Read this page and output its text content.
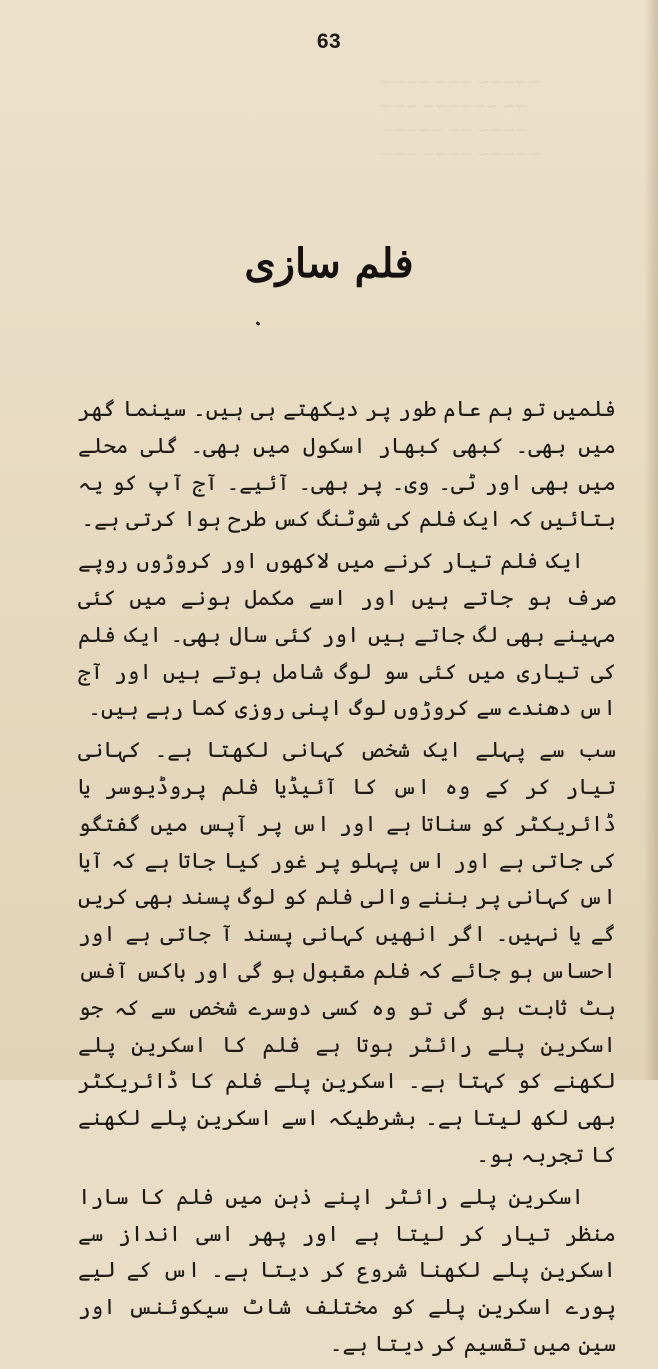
~~~~ ~~~ ~~~~~
~~~ ~~~~~~ ~~
~~~~~ ~~ ~~~~
~~~ ~~~~ ~~~~~
63
فلم سازی

فلمیں تو ہم عام طور پر دیکھتے ہی ہیں۔ سینما گھر میں بھی۔ کبھی کبھار اسکول میں بھی۔ گلی محلے میں بھی اور ٹی۔ وی۔ پر بھی۔ آئیے۔ آج آپ کو یہ بتائیں کہ ایک فلم کی شوٹنگ کس طرح ہوا کرتی ہے۔

ایک فلم تیار کرنے میں لاکھوں اور کروڑوں روپے صرف ہو جاتے ہیں اور اسے مکمل ہونے میں کئی مہینے بھی لگ جاتے ہیں اور کئی سال بھی۔ ایک فلم کی تیاری میں کئی سو لوگ شامل ہوتے ہیں اور آج اس دھندے سے کروڑوں لوگ اپنی روزی کما رہے ہیں۔

سب سے پہلے ایک شخص کہانی لکھتا ہے۔ کہانی تیار کر کے وہ اس کا آئیڈیا فلم پروڈیوسر یا ڈائریکٹر کو سناتا ہے اور اس پر آپس میں گفتگو کی جاتی ہے اور اس پہلو پر غور کیا جاتا ہے کہ آیا اس کہانی پر بننے والی فلم کو لوگ پسند بھی کریں گے یا نہیں۔ اگر انھیں کہانی پسند آ جاتی ہے اور احساس ہو جائے کہ فلم مقبول ہو گی اور باکس آفس ہٹ ثابت ہو گی تو وہ کسی دوسرے شخص سے کہ جو اسکرین پلے رائٹر ہوتا ہے فلم کا اسکرین پلے لکھنے کو کہتا ہے۔ اسکرین پلے فلم کا ڈائریکٹر بھی لکھ لیتا ہے۔ بشرطیکہ اسے اسکرین پلے لکھنے کا تجربہ ہو۔

اسکرین پلے رائٹر اپنے ذہن میں فلم کا سارا منظر تیار کر لیتا ہے اور پھر اسی انداز سے اسکرین پلے لکھنا شروع کر دیتا ہے۔ اس کے لیے پورے اسکرین پلے کو مختلف شاٹ سیکوئنس اور سین میں تقسیم کر دیتا ہے۔
